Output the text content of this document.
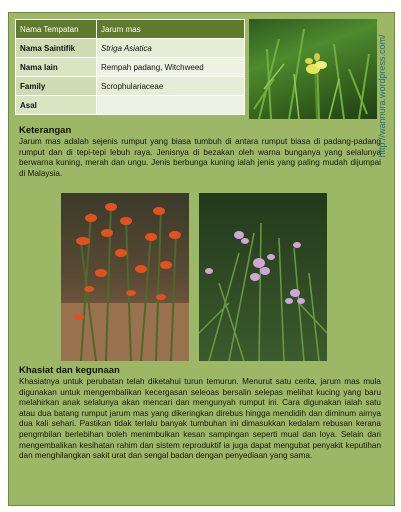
Nama Tempatan	Jarum mas
Nama Saintifik	Striga Asiatica
Nama lain	Rempah padang, Witchweed
Family	Scrophulariaceae
Asal		http://wannura.wordpress.com/
Keterangan
Jarum mas adalah sejenis rumput yang biasa tumbuh di antara rumput biasa di padang-padang rumput dan di tepi-tepi lebuh raya. Jenisnya di bezakan oleh warna bunganya yang selalunya berwarna kuning, merah dan ungu. Jenis berbunga kuning ialah jenis yang paling mudah dijumpai di Malaysia.
Khasiat dan kegunaan
Khasiatnya untuk perubatan telah diketahui turun temurun. Menurut satu cerita, jarum mas mula digunakan untuk mengembalikan kecergasan seleoas bersalin selepas melihat kucing yang baru melahirkan anak selalunya akan mencari dan mengunyah rumput ini. Cara digunakan ialah satu atau dua batang rumput jarum mas yang dikeringkan direbus hingga mendidih dan diminum airnya dua kali sehari. Pastikan tidak terlalu banyak tumbuhan ini dimasukkan kedalam rebusan kerana pengmbilan berlebihan boleh menimbulkan kesan sampingan seperti mual dan loya. Selain dari mengembalikan kesihatan rahim dan sistem reproduktif ia juga dapat mengubat penyakit keputihan dan menghilangkan sakit urat dan sengal badan dengan penyediaan yang sama.
